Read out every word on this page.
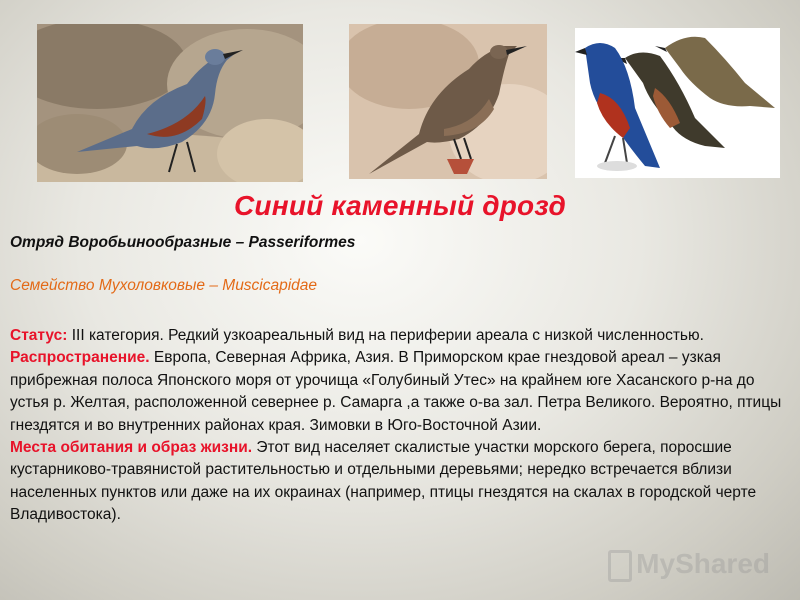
Синий каменный дрозд
Отряд Воробьинообразные – Passeriformes
Семейство Мухоловковые – Muscicapidae
Статус: III категория. Редкий узкоареальный вид на периферии ареала с низкой численностью.
Распространение. Европа, Северная Африка, Азия. В Приморском крае гнездовой ареал – узкая прибрежная полоса Японского моря от урочища «Голубиный Утес» на крайнем юге Хасанского р-на до устья р. Желтая, расположенной севернее р. Самарга ,а также о-ва зал. Петра Великого. Вероятно, птицы гнездятся и во внутренних районах края. Зимовки в Юго-Восточной Азии.
Места обитания и образ жизни. Этот вид населяет скалистые участки морского берега, поросшие кустарниково-травянистой растительностью и отдельными деревьями; нередко встречается вблизи населенных пунктов или даже на их окраинах (например, птицы гнездятся на скалах в городской черте Владивостока).
MyShared
